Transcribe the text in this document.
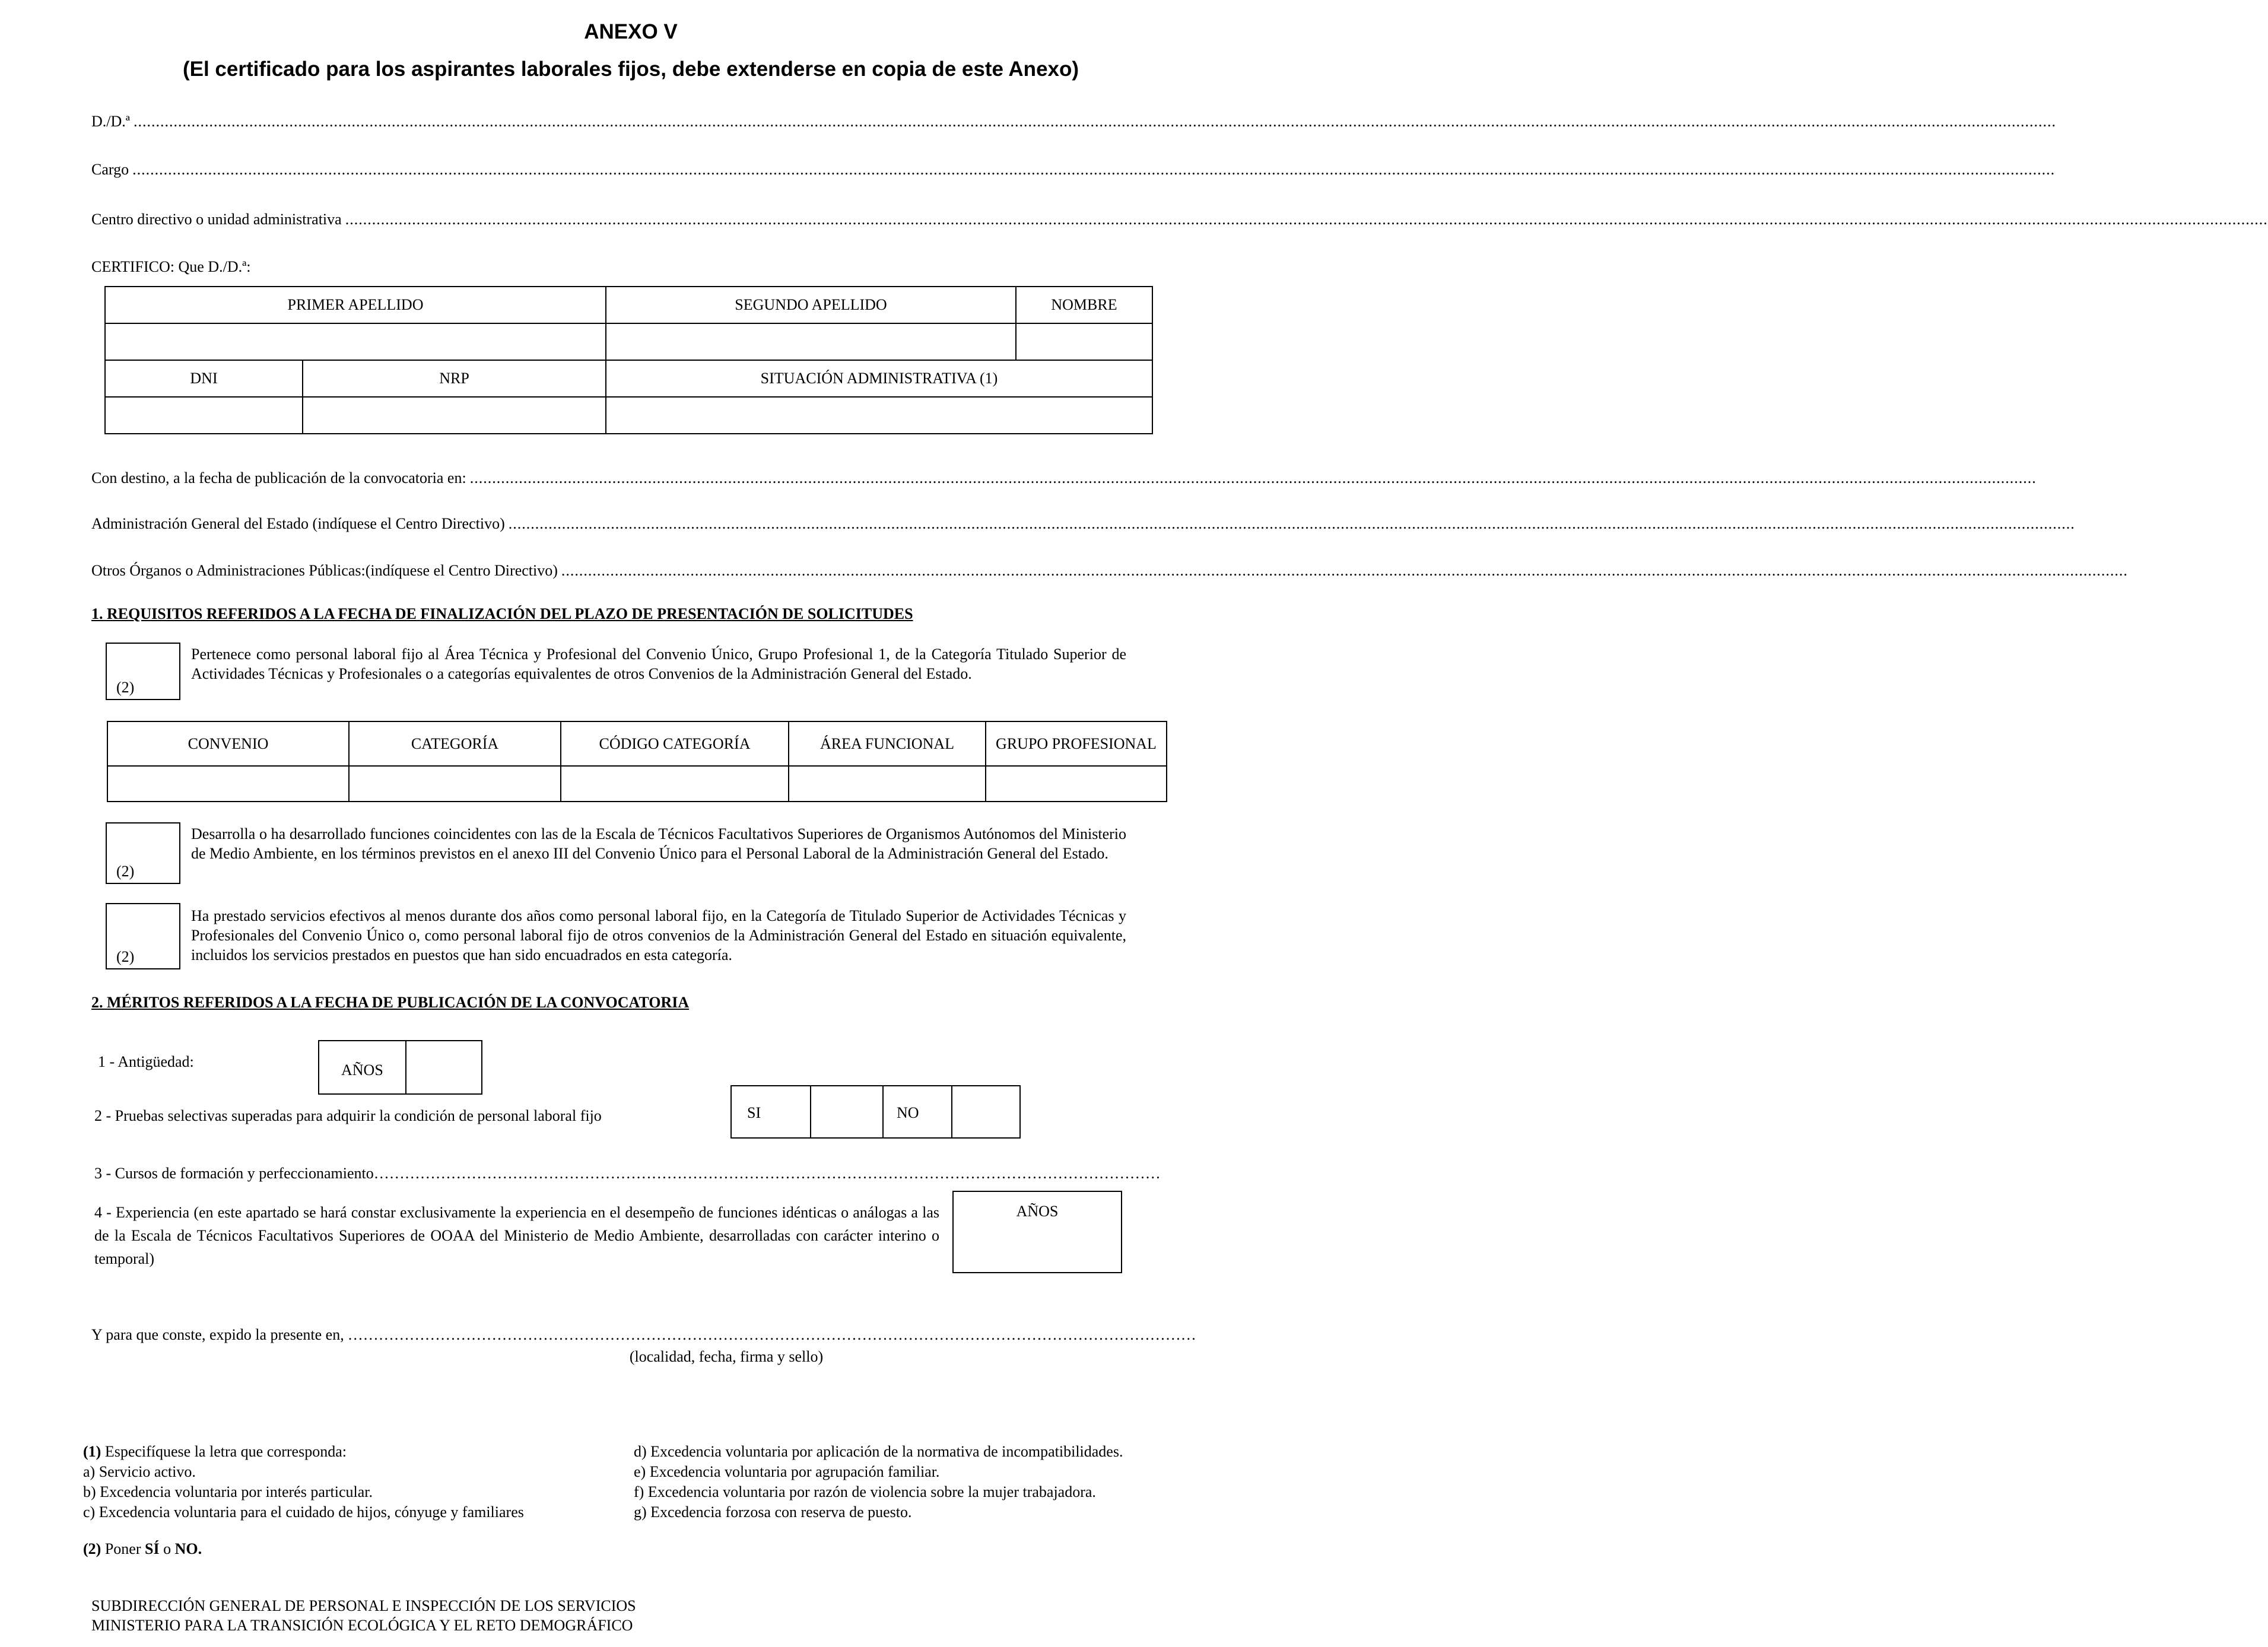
ANEXO V
(El certificado para los aspirantes laborales fijos, debe extenderse en copia de este Anexo)
D./D.ª ................................................................................................................................................................................................................................................................................................................................................................................................................................................
Cargo ................................................................................................................................................................................................................................................................................................................................................................................................................................................
Centro directivo o unidad administrativa ................................................................................................................................................................................................................................................................................................................................................................................................................................................
CERTIFICO: Que D./D.ª:
PRIMER APELLIDO		SEGUNDO APELLIDO	NOMBRE

DNI	NRP	SITUACIÓN ADMINISTRATIVA (1)	

Con destino, a la fecha de publicación de la convocatoria en: ................................................................................................................................................................................................................................................................................................................................................................
Administración General del Estado (indíquese el Centro Directivo) ................................................................................................................................................................................................................................................................................................................................................................
Otros Órganos o Administraciones Públicas:(indíquese el Centro Directivo) ................................................................................................................................................................................................................................................................................................................................................................
1. REQUISITOS REFERIDOS A LA FECHA DE FINALIZACIÓN DEL PLAZO DE PRESENTACIÓN DE SOLICITUDES
(2)
Pertenece como personal laboral fijo al Área Técnica y Profesional del Convenio Único, Grupo Profesional 1, de la Categoría Titulado Superior de Actividades Técnicas y Profesionales o a categorías equivalentes de otros Convenios de la Administración General del Estado.
CONVENIO	CATEGORÍA	CÓDIGO CATEGORÍA	ÁREA FUNCIONAL	GRUPO PROFESIONAL

(2)
Desarrolla o ha desarrollado funciones coincidentes con las de la Escala de Técnicos Facultativos Superiores de Organismos Autónomos del Ministerio de Medio Ambiente, en los términos previstos en el anexo III del Convenio Único para el Personal Laboral de la Administración General del Estado.
(2)
Ha prestado servicios efectivos al menos durante dos años como personal laboral fijo, en la Categoría de Titulado Superior de Actividades Técnicas y Profesionales del Convenio Único o, como personal laboral fijo de otros convenios de la Administración General del Estado en situación equivalente, incluidos los servicios prestados en puestos que han sido encuadrados en esta categoría.
2. MÉRITOS REFERIDOS A LA FECHA DE PUBLICACIÓN DE LA CONVOCATORIA
1 - Antigüedad:	AÑOS
2 - Pruebas selectivas superadas para adquirir la condición de personal laboral fijo	SI	NO
3 - Cursos de formación y perfeccionamiento ………………………………………………………………………………………………………………………………………
4 - Experiencia (en este apartado se hará constar exclusivamente la experiencia en el desempeño de funciones idénticas o análogas a las de la Escala de Técnicos Facultativos Superiores de OOAA del Ministerio de Medio Ambiente, desarrolladas con carácter interino o temporal)
AÑOS
Y para que conste, expido la presente en, …………………………………………………………………………………………………………………………………………………
(localidad, fecha, firma y sello)
(1) Especifíquese la letra que corresponda:
a) Servicio activo.
b) Excedencia voluntaria por interés particular.
c) Excedencia voluntaria para el cuidado de hijos, cónyuge y familiares
d) Excedencia voluntaria por aplicación de la normativa de incompatibilidades.
e) Excedencia voluntaria por agrupación familiar.
f) Excedencia voluntaria por razón de violencia sobre la mujer trabajadora.
g) Excedencia forzosa con reserva de puesto.
(2) Poner SÍ o NO.
SUBDIRECCIÓN GENERAL DE PERSONAL E INSPECCIÓN DE LOS SERVICIOS
MINISTERIO PARA LA TRANSICIÓN ECOLÓGICA Y EL RETO DEMOGRÁFICO
